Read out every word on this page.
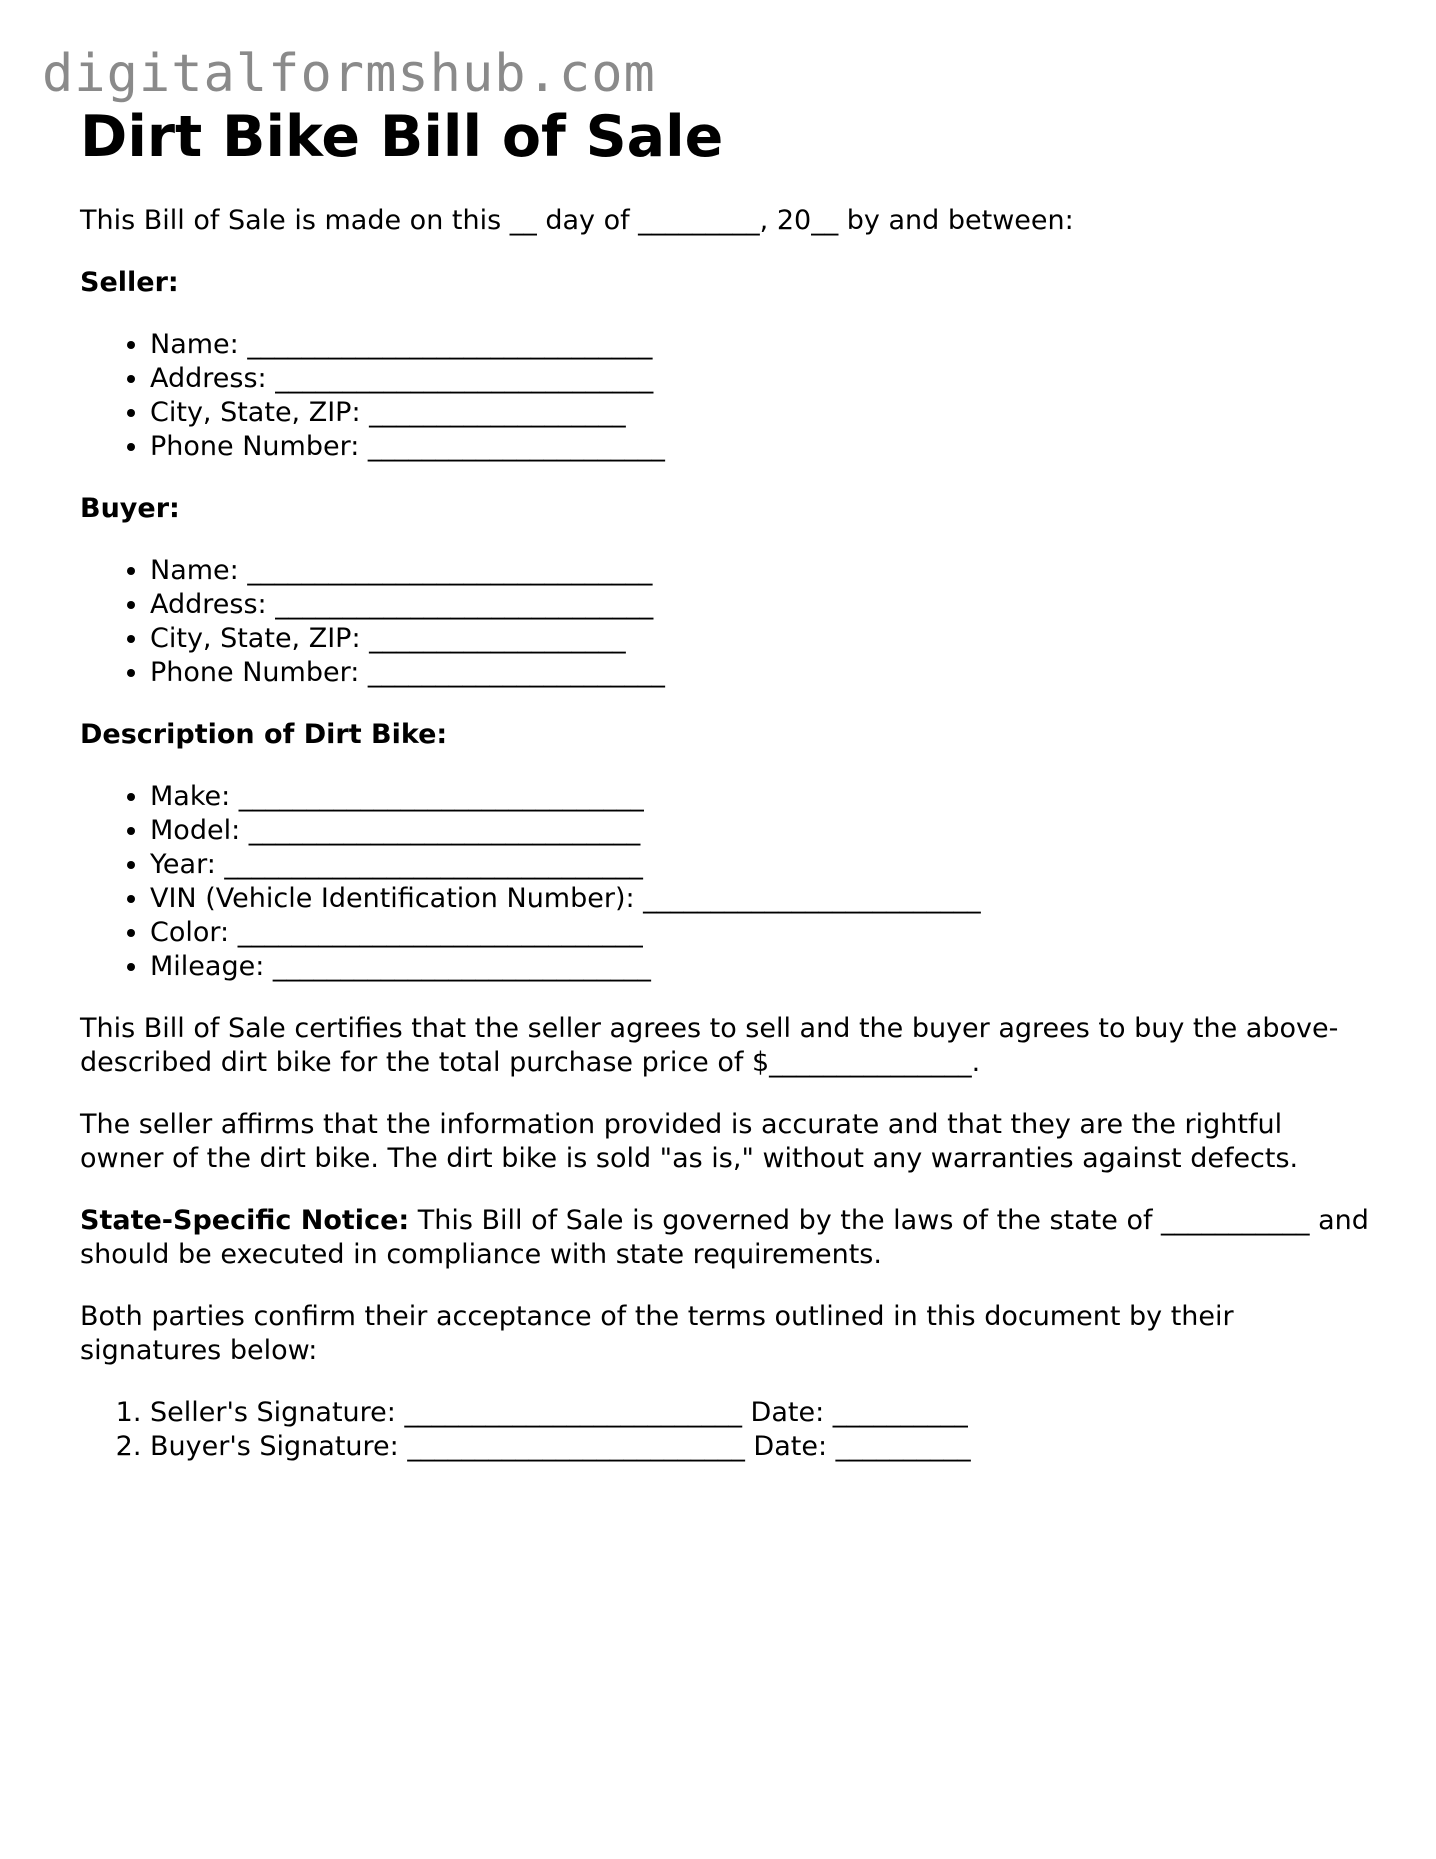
digitalformshub.com
Dirt Bike Bill of Sale

This Bill of Sale is made on this __ day of _________, 20__ by and between:

Seller:

• Name: ______________________________
• Address: ____________________________
• City, State, ZIP: ___________________
• Phone Number: ______________________

Buyer:

• Name: ______________________________
• Address: ____________________________
• City, State, ZIP: ___________________
• Phone Number: ______________________

Description of Dirt Bike:

• Make: ______________________________
• Model: _____________________________
• Year: _______________________________
• VIN (Vehicle Identification Number): _________________________
• Color: ______________________________
• Mileage: ____________________________

This Bill of Sale certifies that the seller agrees to sell and the buyer agrees to buy the above-described dirt bike for the total purchase price of $_______________.

The seller affirms that the information provided is accurate and that they are the rightful owner of the dirt bike. The dirt bike is sold "as is," without any warranties against defects.

State-Specific Notice: This Bill of Sale is governed by the laws of the state of ___________ and should be executed in compliance with state requirements.

Both parties confirm their acceptance of the terms outlined in this document by their signatures below:

1. Seller's Signature: _________________________ Date: __________
2. Buyer's Signature: _________________________ Date: __________
